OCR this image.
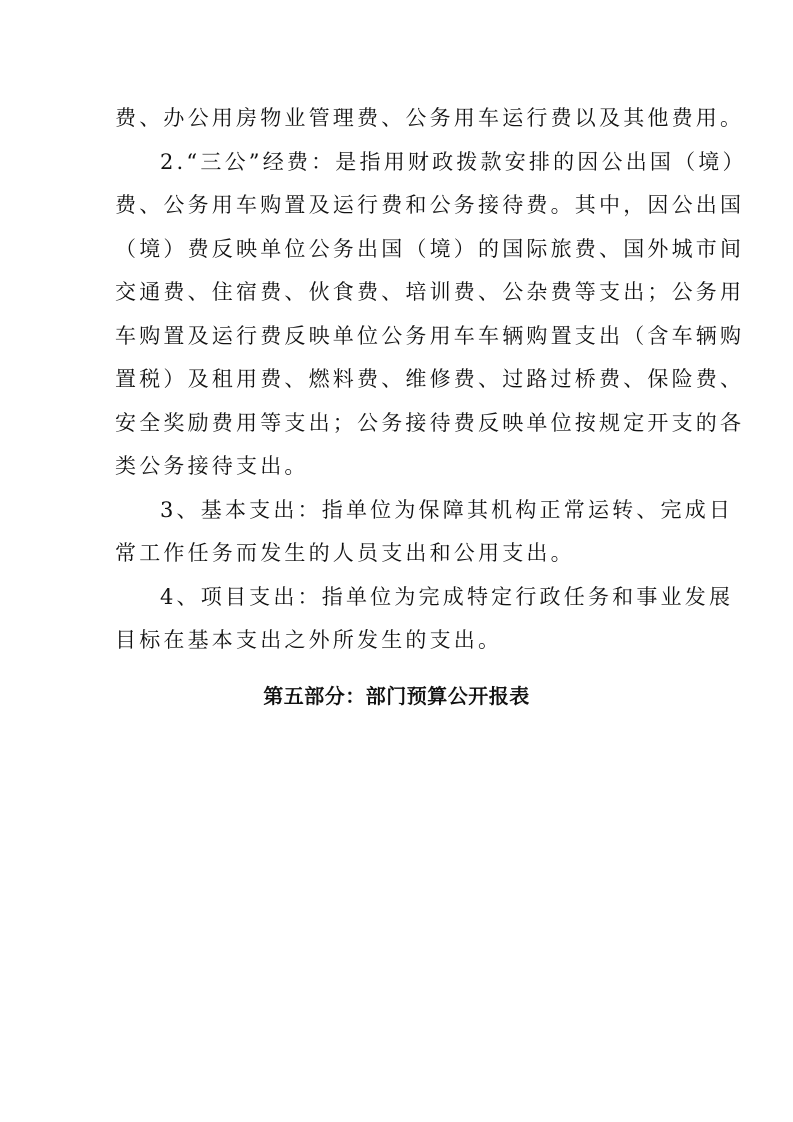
费、办公用房物业管理费、公务用车运行费以及其他费用。
2.“三公”经费：是指用财政拨款安排的因公出国（境）
费、公务用车购置及运行费和公务接待费。其中，因公出国
（境）费反映单位公务出国（境）的国际旅费、国外城市间
交通费、住宿费、伙食费、培训费、公杂费等支出；公务用
车购置及运行费反映单位公务用车车辆购置支出（含车辆购
置税）及租用费、燃料费、维修费、过路过桥费、保险费、
安全奖励费用等支出；公务接待费反映单位按规定开支的各
类公务接待支出。
3、基本支出：指单位为保障其机构正常运转、完成日
常工作任务而发生的人员支出和公用支出。
4、项目支出：指单位为完成特定行政任务和事业发展
目标在基本支出之外所发生的支出。
第五部分：部门预算公开报表
